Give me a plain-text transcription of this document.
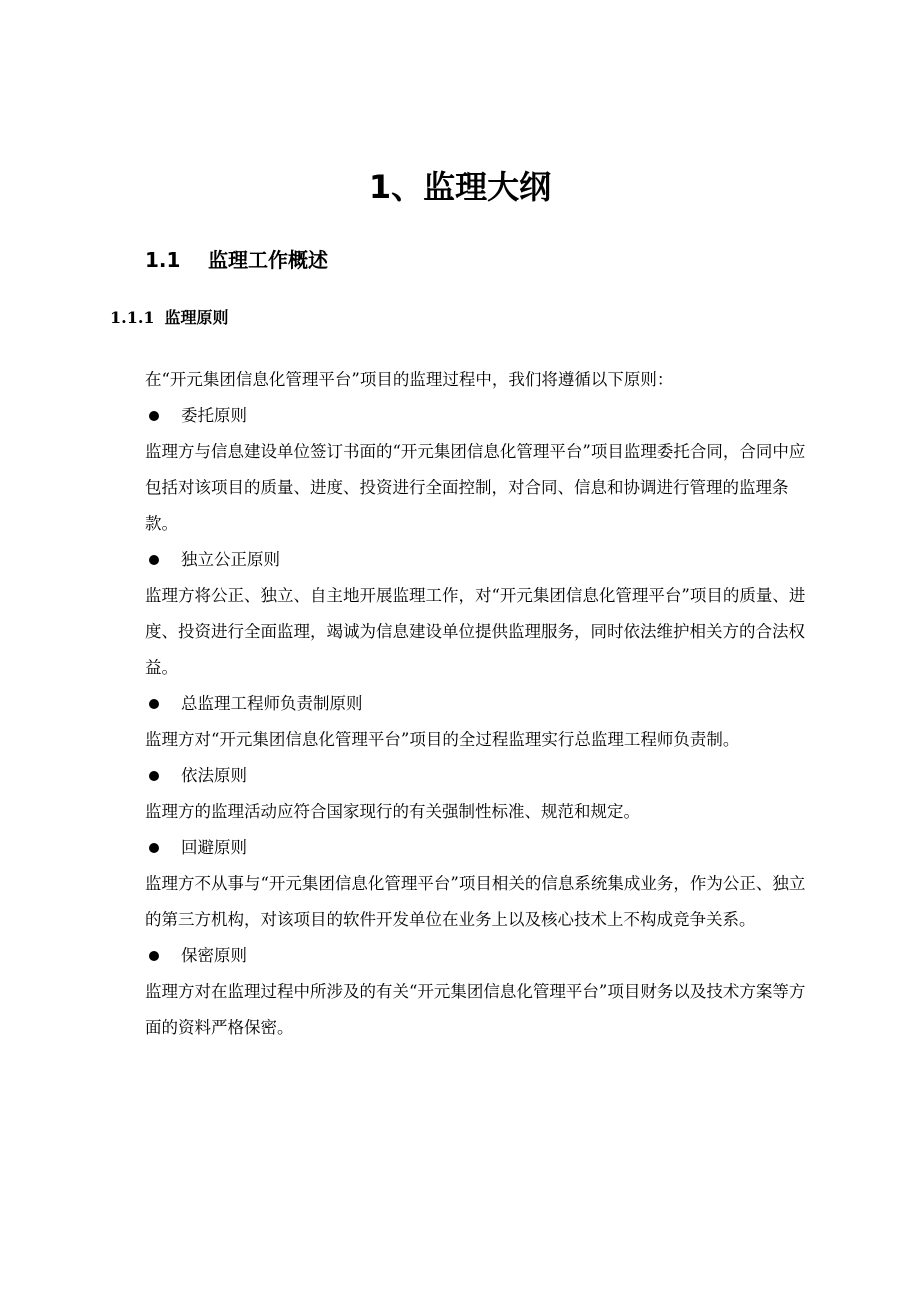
1、监理大纲
1.1 监理工作概述
1.1.1 监理原则

在“开元集团信息化管理平台”项目的监理过程中，我们将遵循以下原则：

委托原则

监理方与信息建设单位签订书面的“开元集团信息化管理平台”项目监理委托合同，合同中应包括对该项目的质量、进度、投资进行全面控制，对合同、信息和协调进行管理的监理条款。

独立公正原则

监理方将公正、独立、自主地开展监理工作，对“开元集团信息化管理平台”项目的质量、进度、投资进行全面监理，竭诚为信息建设单位提供监理服务，同时依法维护相关方的合法权益。

总监理工程师负责制原则

监理方对“开元集团信息化管理平台”项目的全过程监理实行总监理工程师负责制。

依法原则

监理方的监理活动应符合国家现行的有关强制性标准、规范和规定。

回避原则

监理方不从事与“开元集团信息化管理平台”项目相关的信息系统集成业务，作为公正、独立的第三方机构，对该项目的软件开发单位在业务上以及核心技术上不构成竞争关系。

保密原则

监理方对在监理过程中所涉及的有关“开元集团信息化管理平台”项目财务以及技术方案等方面的资料严格保密。
